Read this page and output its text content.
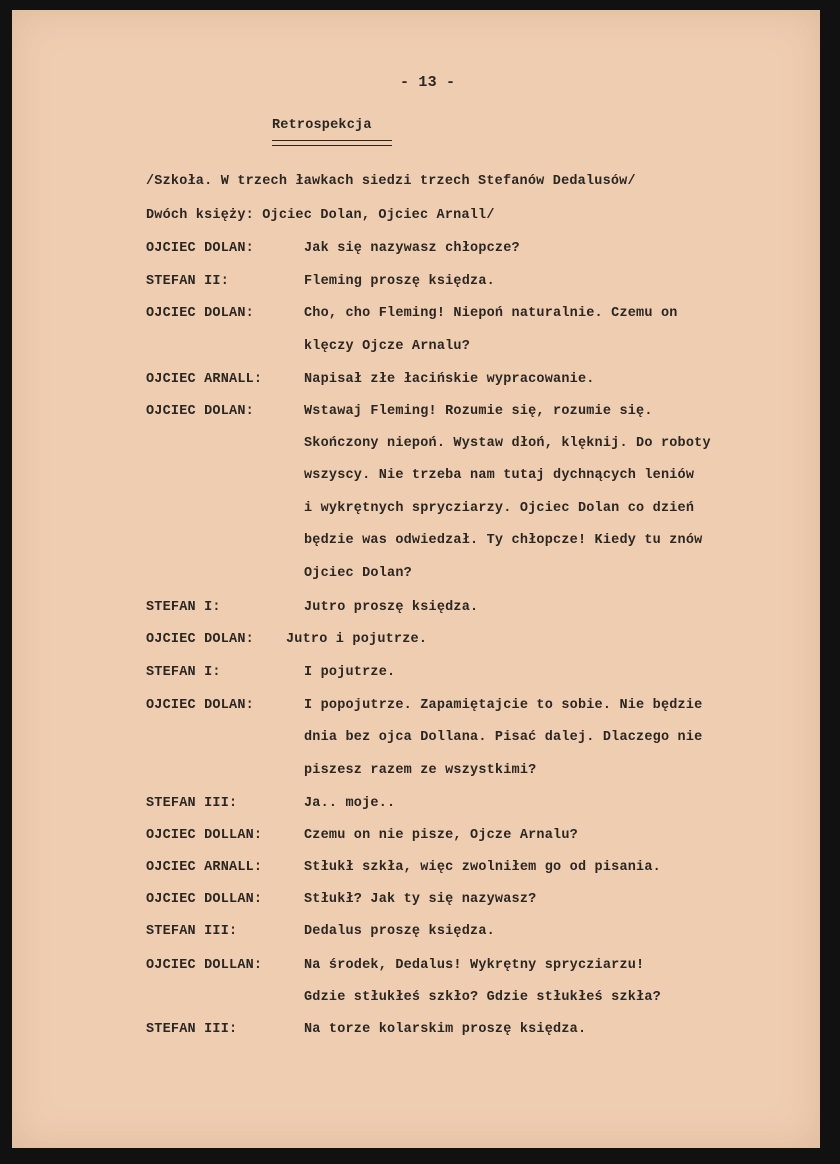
- 13 -
Retrospekcja
/Szkoła. W trzech ławkach siedzi trzech Stefanów Dedalusów/
Dwóch księży: Ojciec Dolan, Ojciec Arnall/
OJCIEC DOLAN:	Jak się nazywasz chłopcze?
STEFAN II:	Fleming proszę księdza.
OJCIEC DOLAN:	Cho, cho Fleming! Niepoń naturalnie. Czemu on
klęczy Ojcze Arnalu?
OJCIEC ARNALL:	Napisał złe łacińskie wypracowanie.
OJCIEC DOLAN:	Wstawaj Fleming! Rozumie się, rozumie się.
Skończony niepoń. Wystaw dłoń, klęknij. Do roboty
wszyscy. Nie trzeba nam tutaj dychnących leniów
i wykrętnych sprycziarzy. Ojciec Dolan co dzień
będzie was odwiedzał. Ty chłopcze! Kiedy tu znów
Ojciec Dolan?
STEFAN I:	Jutro proszę księdza.
OJCIEC DOLAN: Jutro i pojutrze.
STEFAN I:	I pojutrze.
OJCIEC DOLAN:	I popojutrze. Zapamiętajcie to sobie. Nie będzie
dnia bez ojca Dollana. Pisać dalej. Dlaczego nie
piszesz razem ze wszystkimi?
STEFAN III:	Ja.. moje..
OJCIEC DOLLAN:	Czemu on nie pisze, Ojcze Arnalu?
OJCIEC ARNALL:	Stłukł szkła, więc zwolniłem go od pisania.
OJCIEC DOLLAN:	Stłukł? Jak ty się nazywasz?
STEFAN III:	Dedalus proszę księdza.
OJCIEC DOLLAN:	Na środek, Dedalus! Wykrętny sprycziarzu!
Gdzie stłukłeś szkło? Gdzie stłukłeś szkła?
STEFAN III:	Na torze kolarskim proszę księdza.
